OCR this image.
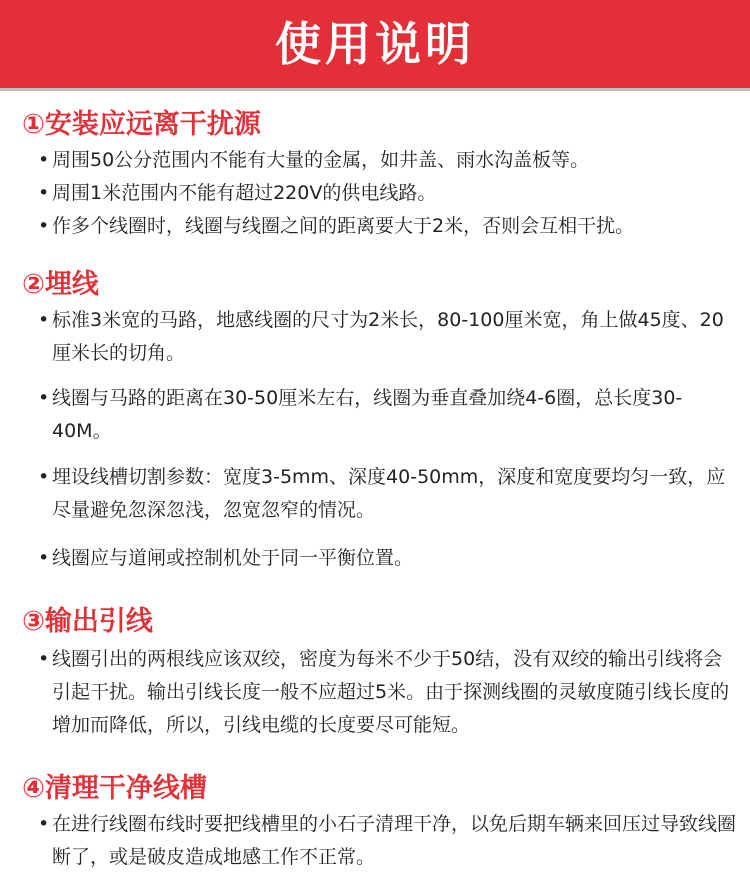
使用说明
①安装应远离干扰源
• 周围50公分范围内不能有大量的金属，如井盖、雨水沟盖板等。
• 周围1米范围内不能有超过220V的供电线路。
• 作多个线圈时，线圈与线圈之间的距离要大于2米，否则会互相干扰。
②埋线
• 标准3米宽的马路，地感线圈的尺寸为2米长，80-100厘米宽，角上做45度、20厘米长的切角。
• 线圈与马路的距离在30-50厘米左右，线圈为垂直叠加绕4-6圈，总长度30-40M。
• 埋设线槽切割参数：宽度3-5mm、深度40-50mm，深度和宽度要均匀一致，应尽量避免忽深忽浅，忽宽忽窄的情况。
• 线圈应与道闸或控制机处于同一平衡位置。
③输出引线
• 线圈引出的两根线应该双绞，密度为每米不少于50结，没有双绞的输出引线将会引起干扰。输出引线长度一般不应超过5米。由于探测线圈的灵敏度随引线长度的增加而降低，所以，引线电缆的长度要尽可能短。
④清理干净线槽
• 在进行线圈布线时要把线槽里的小石子清理干净，以免后期车辆来回压过导致线圈断了，或是破皮造成地感工作不正常。
